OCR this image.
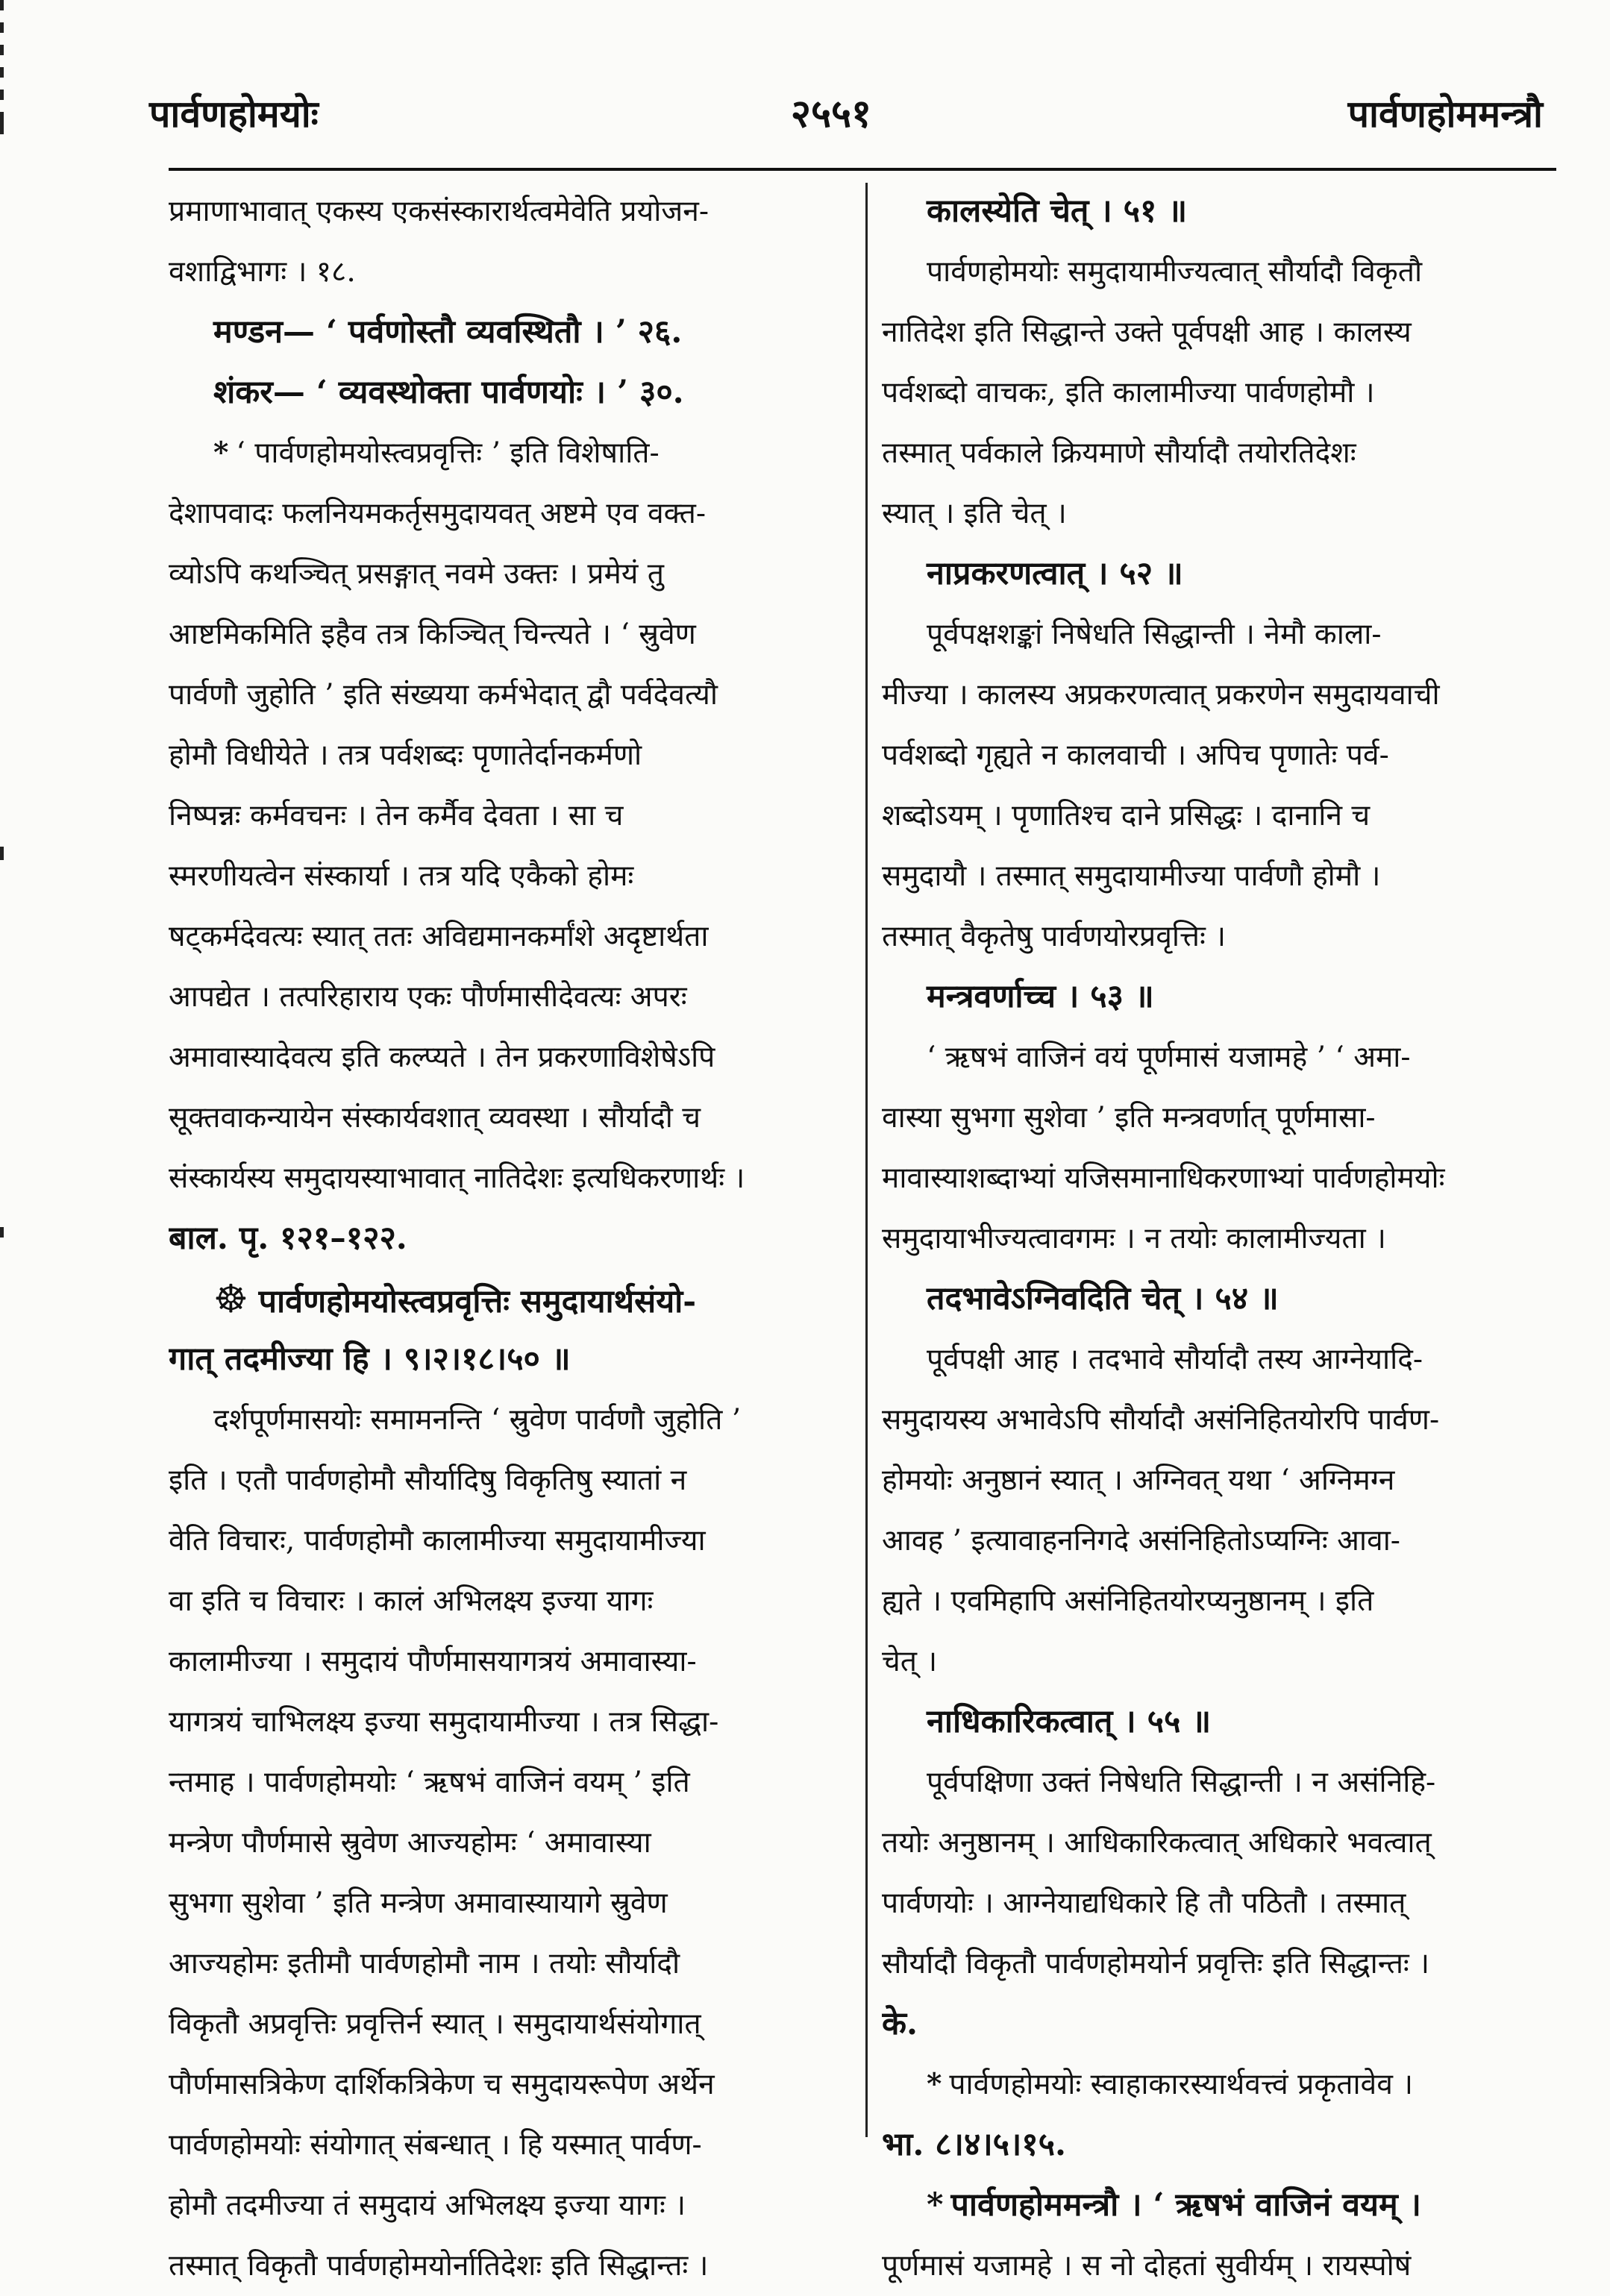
पार्वणहोमयोः	२५५१	पार्वणहोममन्त्रौ
प्रमाणाभावात् एकस्य एकसंस्कारार्थत्वमेवेति प्रयोजन-
वशाद्विभागः । १८.
मण्डन— ‘ पर्वणोस्तौ व्यवस्थितौ । ’ २६.
शंकर— ‘ व्यवस्थोक्ता पार्वणयोः । ’ ३०.
* ‘ पार्वणहोमयोस्त्वप्रवृत्तिः ’ इति विशेषाति-
देशापवादः फलनियमकर्तृसमुदायवत् अष्टमे एव वक्त-
व्योऽपि कथञ्चित् प्रसङ्गात् नवमे उक्तः । प्रमेयं तु
आष्टमिकमिति इहैव तत्र किञ्चित् चिन्त्यते । ‘ स्रुवेण
पार्वणौ जुहोति ’ इति संख्यया कर्मभेदात् द्वौ पर्वदेवत्यौ
होमौ विधीयेते । तत्र पर्वशब्दः पृणातेर्दानकर्मणो
निष्पन्नः कर्मवचनः । तेन कर्मैव देवता । सा च
स्मरणीयत्वेन संस्कार्या । तत्र यदि एकैको होमः
षट्कर्मदेवत्यः स्यात् ततः अविद्यमानकर्मांशे अदृष्टार्थता
आपद्येत । तत्परिहाराय एकः पौर्णमासीदेवत्यः अपरः
अमावास्यादेवत्य इति कल्प्यते । तेन प्रकरणाविशेषेऽपि
सूक्तवाकन्यायेन संस्कार्यवशात् व्यवस्था । सौर्यादौ च
संस्कार्यस्य समुदायस्याभावात् नातिदेशः इत्यधिकरणार्थः ।
बाल. पृ. १२१–१२२.
☸ पार्वणहोमयोस्त्वप्रवृत्तिः समुदायार्थसंयो-
गात् तदमीज्या हि । ९।२।१८।५० ॥
दर्शपूर्णमासयोः समामनन्ति ‘ स्रुवेण पार्वणौ जुहोति ’
इति । एतौ पार्वणहोमौ सौर्यादिषु विकृतिषु स्यातां न
वेति विचारः, पार्वणहोमौ कालामीज्या समुदायामीज्या
वा इति च विचारः । कालं अभिलक्ष्य इज्या यागः
कालामीज्या । समुदायं पौर्णमासयागत्रयं अमावास्या-
यागत्रयं चाभिलक्ष्य इज्या समुदायामीज्या । तत्र सिद्धा-
न्तमाह । पार्वणहोमयोः ‘ ऋषभं वाजिनं वयम् ’ इति
मन्त्रेण पौर्णमासे स्रुवेण आज्यहोमः ‘ अमावास्या
सुभगा सुशेवा ’ इति मन्त्रेण अमावास्यायागे स्रुवेण
आज्यहोमः इतीमौ पार्वणहोमौ नाम । तयोः सौर्यादौ
विकृतौ अप्रवृत्तिः प्रवृत्तिर्न स्यात् । समुदायार्थसंयोगात्
पौर्णमासत्रिकेण दार्शिकत्रिकेण च समुदायरूपेण अर्थेन
पार्वणहोमयोः संयोगात् संबन्धात् । हि यस्मात् पार्वण-
होमौ तदमीज्या तं समुदायं अभिलक्ष्य इज्या यागः ।
तस्मात् विकृतौ पार्वणहोमयोर्नातिदेशः इति सिद्धान्तः ।
कालस्येति चेत् । ५१ ॥
पार्वणहोमयोः समुदायामीज्यत्वात् सौर्यादौ विकृतौ
नातिदेश इति सिद्धान्ते उक्ते पूर्वपक्षी आह । कालस्य
पर्वशब्दो वाचकः, इति कालामीज्या पार्वणहोमौ ।
तस्मात् पर्वकाले क्रियमाणे सौर्यादौ तयोरतिदेशः
स्यात् । इति चेत् ।
नाप्रकरणत्वात् । ५२ ॥
पूर्वपक्षशङ्कां निषेधति सिद्धान्ती । नेमौ काला-
मीज्या । कालस्य अप्रकरणत्वात् प्रकरणेन समुदायवाची
पर्वशब्दो गृह्यते न कालवाची । अपिच पृणातेः पर्व-
शब्दोऽयम् । पृणातिश्च दाने प्रसिद्धः । दानानि च
समुदायौ । तस्मात् समुदायामीज्या पार्वणौ होमौ ।
तस्मात् वैकृतेषु पार्वणयोरप्रवृत्तिः ।
मन्त्रवर्णाच्च । ५३ ॥
‘ ऋषभं वाजिनं वयं पूर्णमासं यजामहे ’ ‘ अमा-
वास्या सुभगा सुशेवा ’ इति मन्त्रवर्णात् पूर्णमासा-
मावास्याशब्दाभ्यां यजिसमानाधिकरणाभ्यां पार्वणहोमयोः
समुदायाभीज्यत्वावगमः । न तयोः कालामीज्यता ।
तदभावेऽग्निवदिति चेत् । ५४ ॥
पूर्वपक्षी आह । तदभावे सौर्यादौ तस्य आग्नेयादि-
समुदायस्य अभावेऽपि सौर्यादौ असंनिहितयोरपि पार्वण-
होमयोः अनुष्ठानं स्यात् । अग्निवत् यथा ‘ अग्निमग्न
आवह ’ इत्यावाहननिगदे असंनिहितोऽप्यग्निः आवा-
ह्यते । एवमिहापि असंनिहितयोरप्यनुष्ठानम् । इति
चेत् ।
नाधिकारिकत्वात् । ५५ ॥
पूर्वपक्षिणा उक्तं निषेधति सिद्धान्ती । न असंनिहि-
तयोः अनुष्ठानम् । आधिकारिकत्वात् अधिकारे भवत्वात्
पार्वणयोः । आग्नेयाद्यधिकारे हि तौ पठितौ । तस्मात्
सौर्यादौ विकृतौ पार्वणहोमयोर्न प्रवृत्तिः इति सिद्धान्तः ।
के.
* पार्वणहोमयोः स्वाहाकारस्यार्थवत्त्वं प्रकृतावेव ।
भा. ८।४।५।१५.
* पार्वणहोममन्त्रौ । ‘ ऋषभं वाजिनं वयम् ।
पूर्णमासं यजामहे । स नो दोहतां सुवीर्यम् । रायस्पोषं
